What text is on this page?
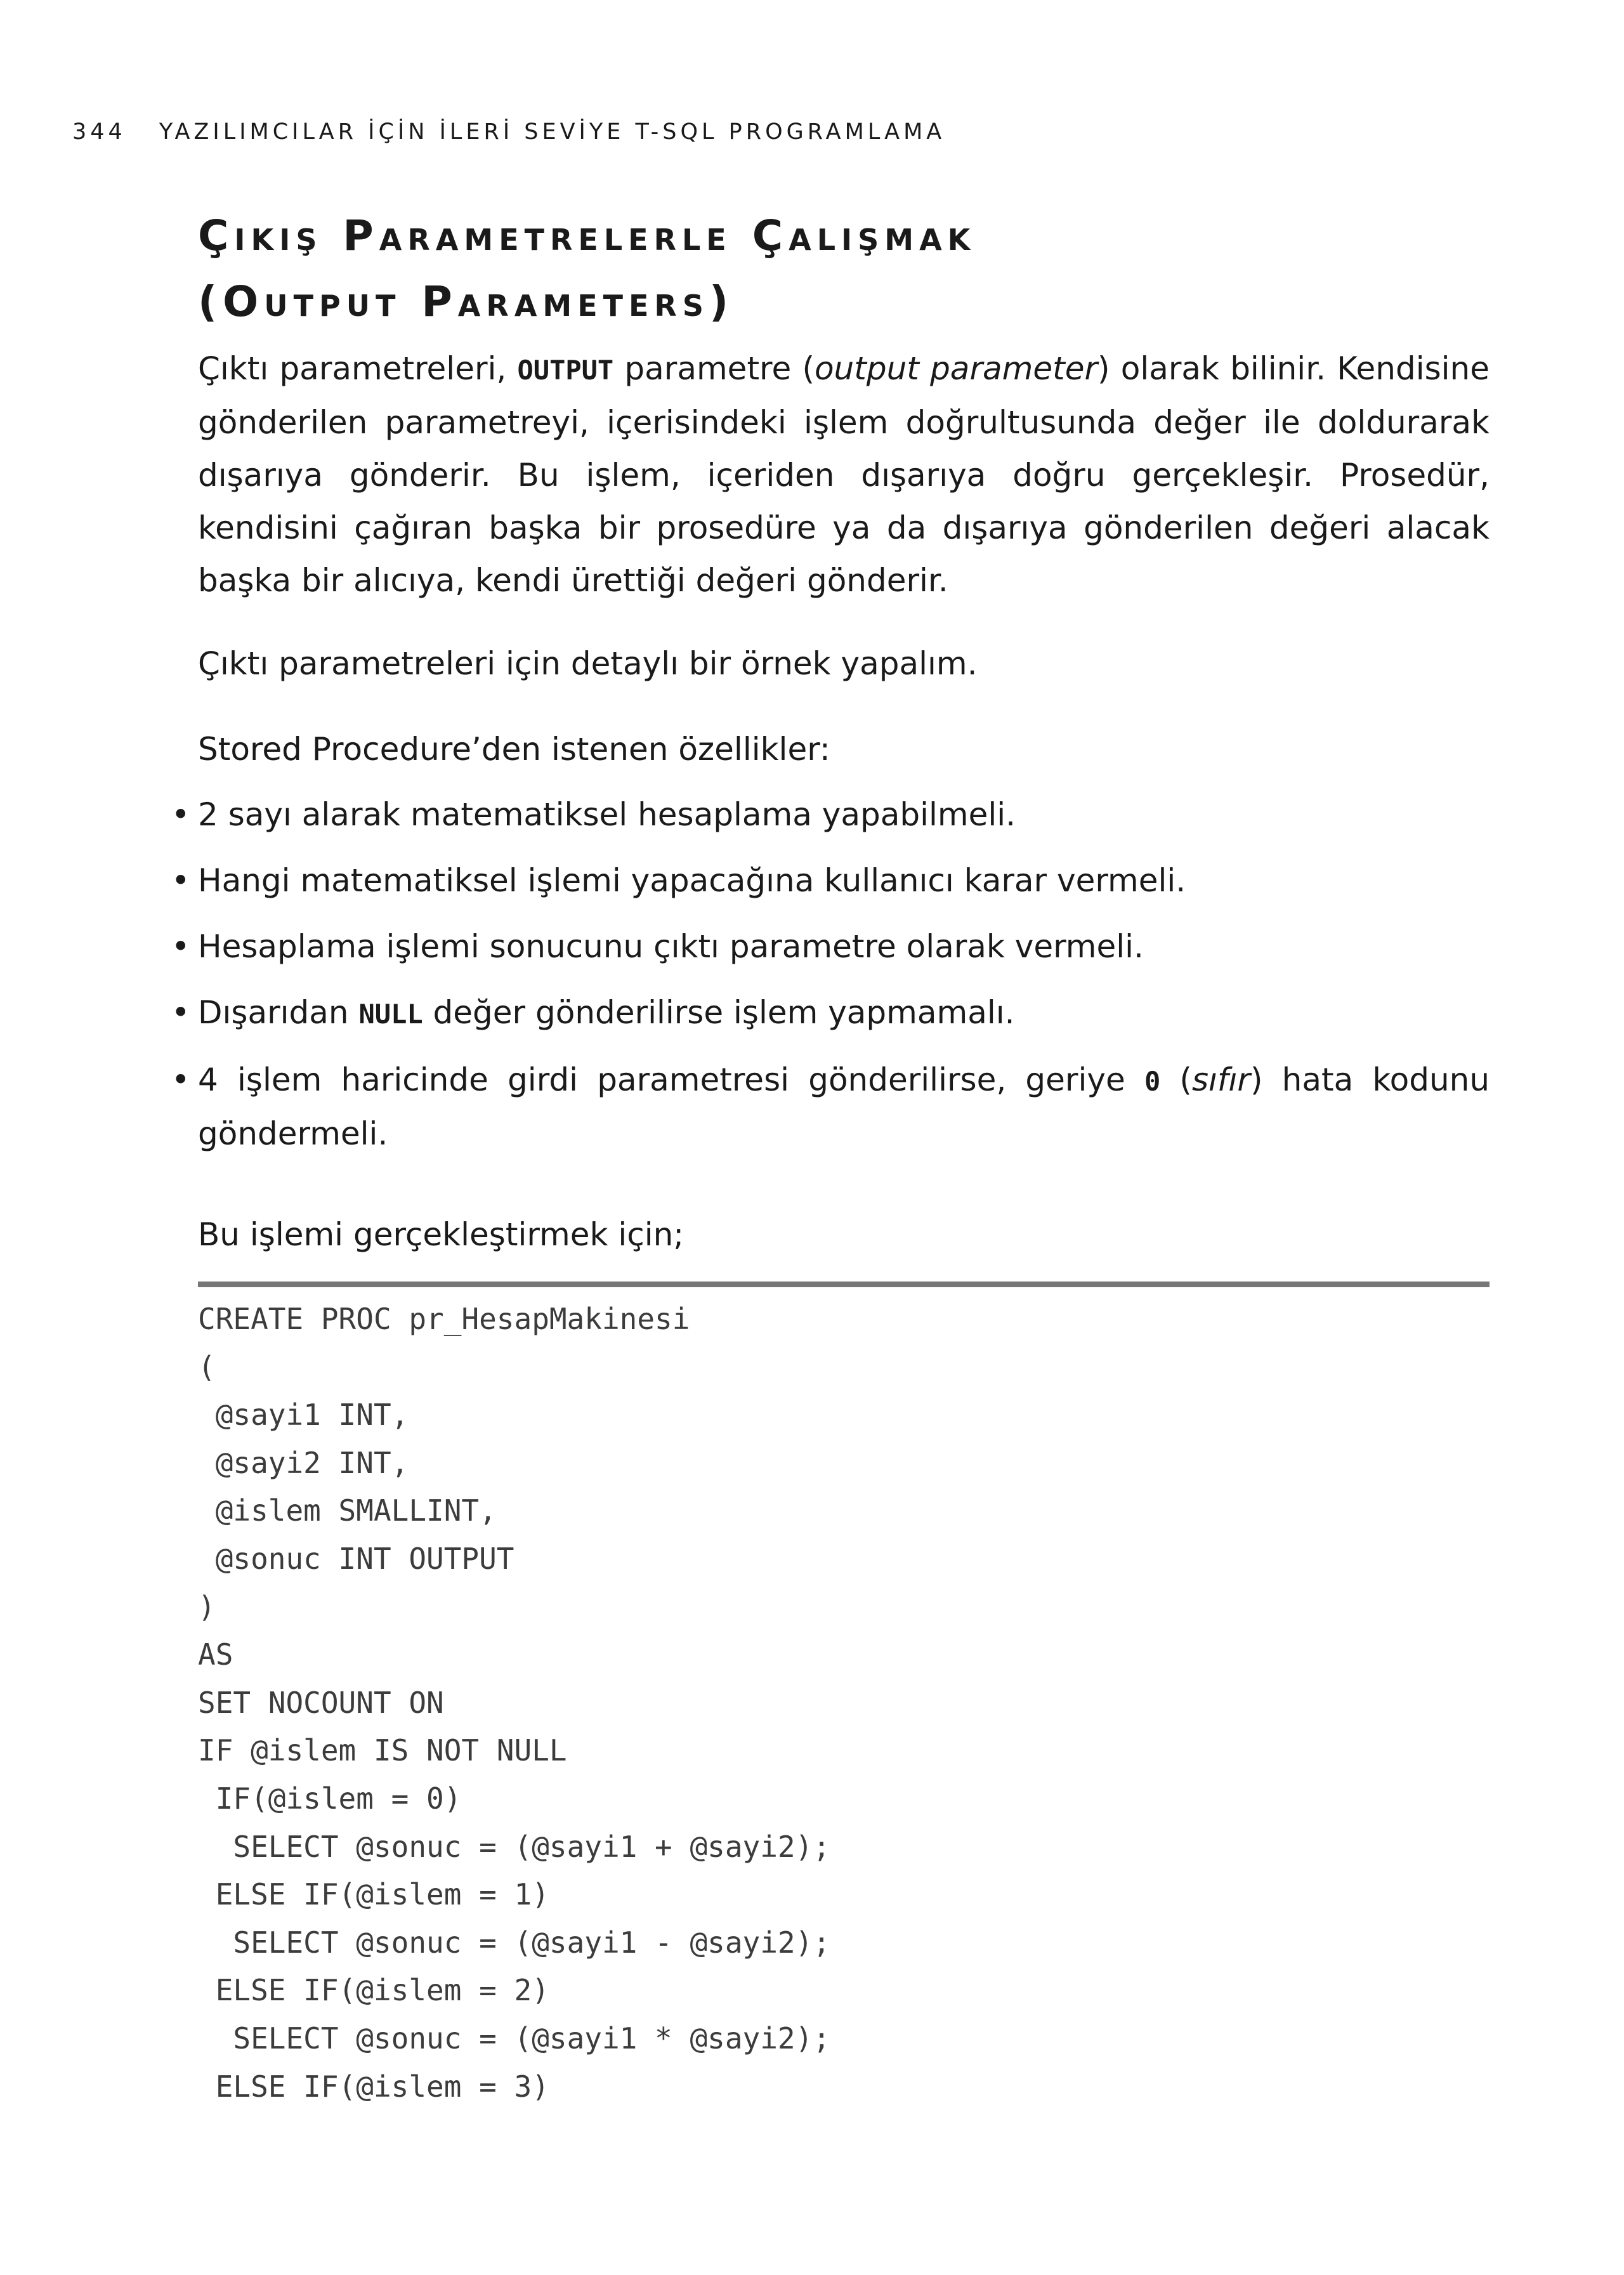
344 YAZILIMCILAR İÇİN İLERİ SEVİYE T-SQL PROGRAMLAMA
Çıkış Parametrelerle Çalışmak
(Output Parameters)

Çıktı parametreleri, OUTPUT parametre (output parameter) olarak bilinir. Kendisine gönderilen parametreyi, içerisindeki işlem doğrultusunda değer ile doldurarak dışarıya gönderir. Bu işlem, içeriden dışarıya doğru gerçekleşir. Prosedür, kendisini çağıran başka bir prosedüre ya da dışarıya gönderilen değeri alacak başka bir alıcıya, kendi ürettiği değeri gönderir.

Çıktı parametreleri için detaylı bir örnek yapalım.

Stored Procedure’den istenen özellikler:

• 2 sayı alarak matematiksel hesaplama yapabilmeli.
• Hangi matematiksel işlemi yapacağına kullanıcı karar vermeli.
• Hesaplama işlemi sonucunu çıktı parametre olarak vermeli.
• Dışarıdan NULL değer gönderilirse işlem yapmamalı.
• 4 işlem haricinde girdi parametresi gönderilirse, geriye 0 (sıfır) hata kodunu göndermeli.

Bu işlemi gerçekleştirmek için;

CREATE PROC pr_HesapMakinesi
(
@sayi1 INT,
@sayi2 INT,
@islem SMALLINT,
@sonuc INT OUTPUT
)
AS
SET NOCOUNT ON
IF @islem IS NOT NULL
IF(@islem = 0)
SELECT @sonuc = (@sayi1 + @sayi2);
ELSE IF(@islem = 1)
SELECT @sonuc = (@sayi1 - @sayi2);
ELSE IF(@islem = 2)
SELECT @sonuc = (@sayi1 * @sayi2);
ELSE IF(@islem = 3)
